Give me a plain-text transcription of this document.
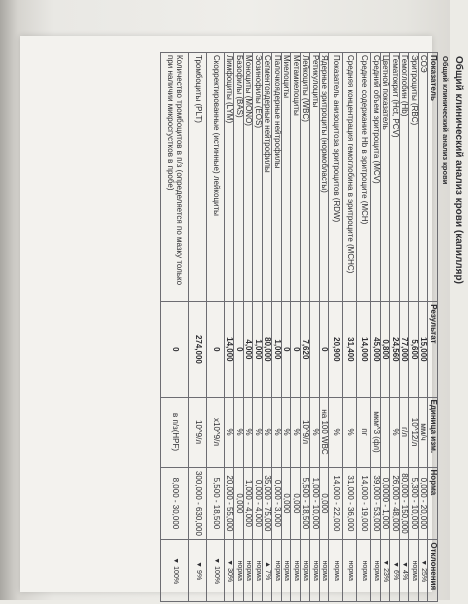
Общий клинический анализ крови (капилляр)
Общий клинический анализ крови
Показатель	Результат	Единица изм.	Норма	Отклонения
СОЭ	15,000	мм/ч	0,000 - 20,000	▼ 25%
Эритроциты (RBC)	5,600	10^12/л	5,300 - 10,000	норма
Гемоглобин (Hb)	77,000	г/л	80,000 - 150,000	▼ 4%
Гематокрит (Hct, PCV)	24,560	%	26,000 - 48,000	▼ 6%
Цветной показатель	0,800		0,0000 - 1,000	▼ 23%
Средний объем эритроцита (MCV)	45,000	мкм^3 (фл)	39,000 - 53,000	норма
Среднее содержание Hb в эритроците (MCH)	14,000	пг	14,000 - 19,000	норма
Средняя концентрация гемоглобина в эритроците (MCHC)	31,400	%	31,000 - 36,000	норма
Показатель анизоцитоза эритроцитов (RDW)	20,900	%	14,000 - 22,000	норма
Ядерные эритроциты (нормобласты)	0	на 100 WBC	0,000	норма
Ретикулоциты		%	1,000 - 10,000	норма
Лейкоциты (WBC)	7,620	10^9/л	5,500 - 18,500	норма
Метамиелоциты	0	%	0,000	норма
Миелоциты	0	%	0,000	норма
Палочкоядерные нейтрофилы	1,000	%	0,000 - 3,000	норма
Сегментоядерные нейтрофилы	80,000	%	35,000 - 75,000	▲ 7%
Эозинофилы (EOS)	1,000	%	0,000 - 4,000	норма
Моноциты (MONO)	4,000	%	1,000 - 4,000	норма
Базофилы (BAS)	0	%	0,000	норма
Лимфоциты (LYM)	14,000	%	20,000 - 55,000	▼ 30%
Скорректированные (истинные) лейкоциты	0	x10^9/л	5,500 - 18,500	▼ 100%
Тромбоциты (PLT)	274,000	10^9/л	300,000 - 630,000	▼ 9%
Количество тромбоцитов в п/з (определяется по мазку только при наличии микросгустков в пробе)	0	в п/з(HPF)	8,000 - 30,000	▼ 100%
